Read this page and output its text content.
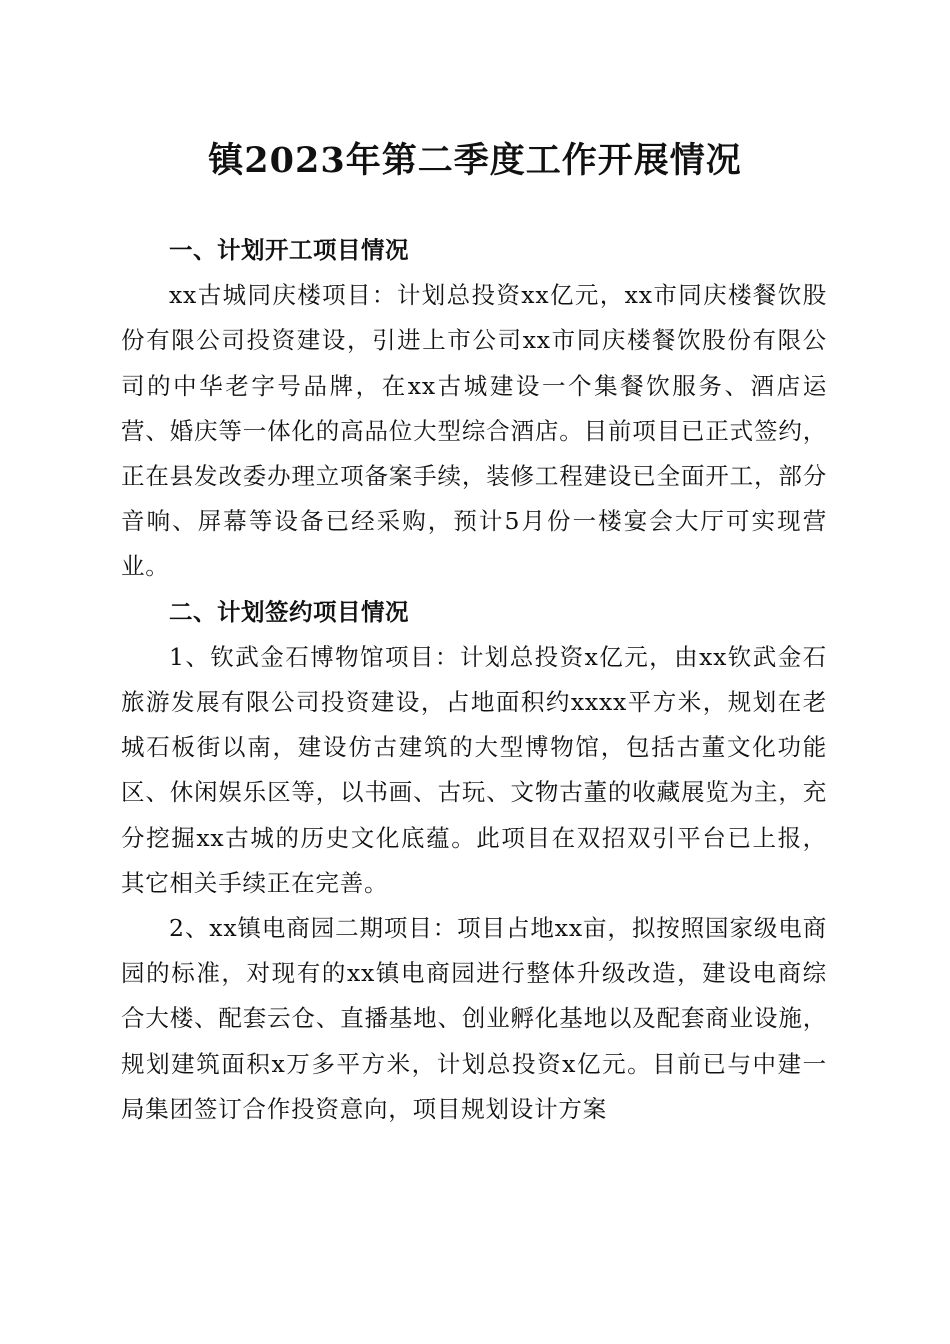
镇2023年第二季度工作开展情况

一、计划开工项目情况

xx古城同庆楼项目：计划总投资xx亿元，xx市同庆楼餐饮股份有限公司投资建设，引进上市公司xx市同庆楼餐饮股份有限公司的中华老字号品牌，在xx古城建设一个集餐饮服务、酒店运营、婚庆等一体化的高品位大型综合酒店。目前项目已正式签约，正在县发改委办理立项备案手续，装修工程建设已全面开工，部分音响、屏幕等设备已经采购，预计5月份一楼宴会大厅可实现营业。

二、计划签约项目情况

1、钦武金石博物馆项目：计划总投资x亿元，由xx钦武金石旅游发展有限公司投资建设，占地面积约xxxx平方米，规划在老城石板街以南，建设仿古建筑的大型博物馆，包括古董文化功能区、休闲娱乐区等，以书画、古玩、文物古董的收藏展览为主，充分挖掘xx古城的历史文化底蕴。此项目在双招双引平台已上报，其它相关手续正在完善。

2、xx镇电商园二期项目：项目占地xx亩，拟按照国家级电商园的标准，对现有的xx镇电商园进行整体升级改造，建设电商综合大楼、配套云仓、直播基地、创业孵化基地以及配套商业设施，规划建筑面积x万多平方米，计划总投资x亿元。目前已与中建一局集团签订合作投资意向，项目规划设计方案
